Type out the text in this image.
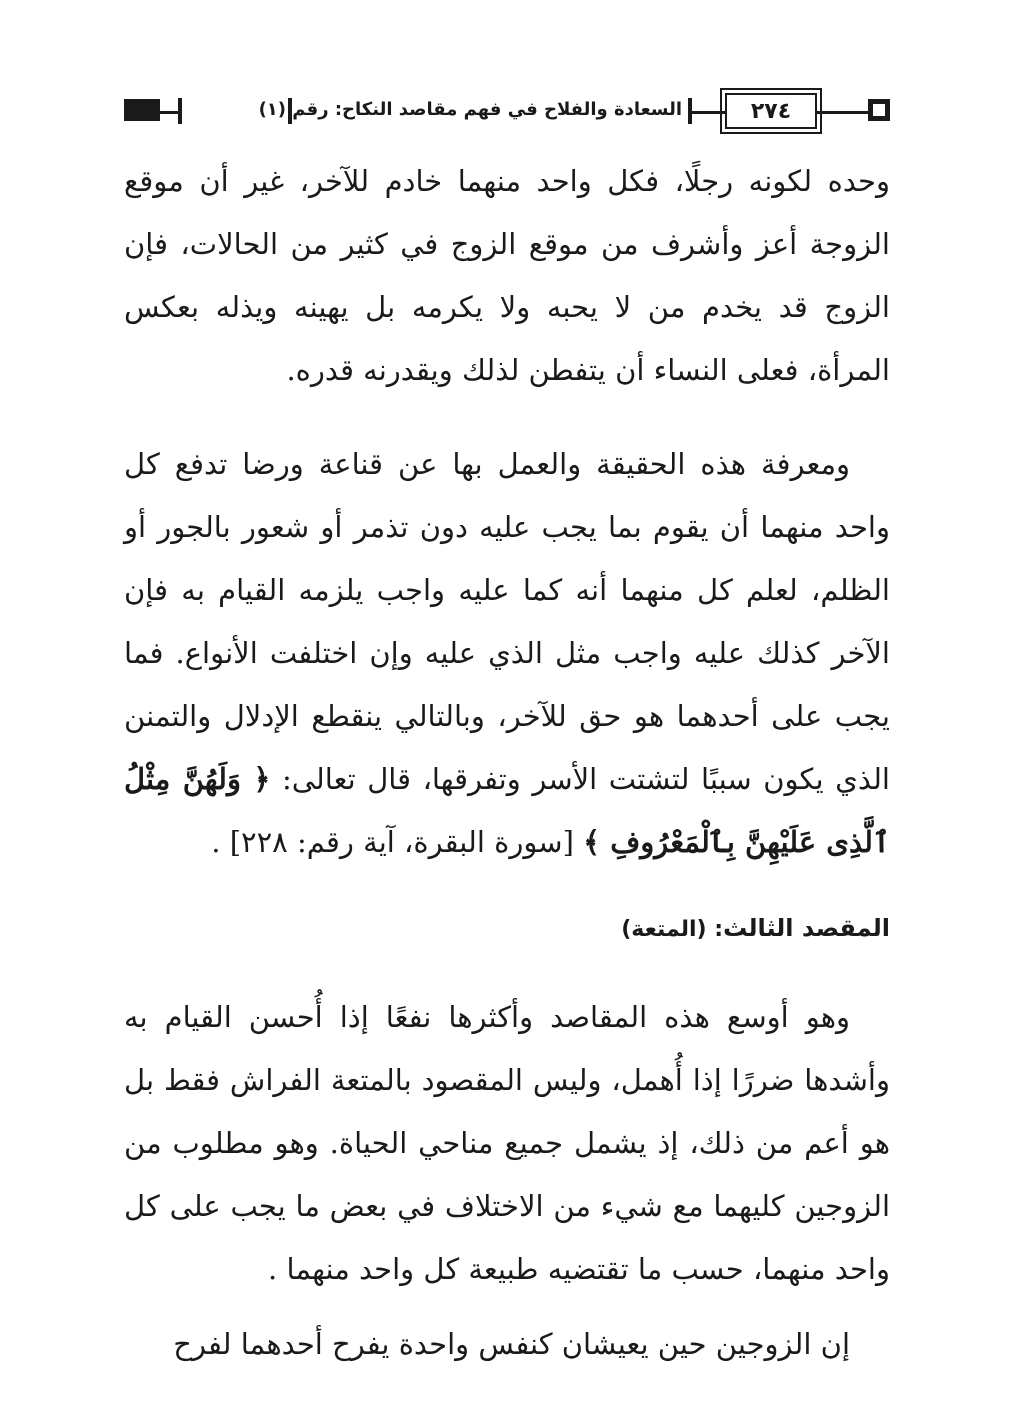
السعادة والفلاح في فهم مقاصد النكاح: رقم (١)	٢٧٤

وحده لكونه رجلًا، فكل واحد منهما خادم للآخر، غير أن موقع الزوجة أعز وأشرف من موقع الزوج في كثير من الحالات، فإن الزوج قد يخدم من لا يحبه ولا يكرمه بل يهينه ويذله بعكس المرأة، فعلى النساء أن يتفطن لذلك ويقدرنه قدره.

ومعرفة هذه الحقيقة والعمل بها عن قناعة ورضا تدفع كل واحد منهما أن يقوم بما يجب عليه دون تذمر أو شعور بالجور أو الظلم، لعلم كل منهما أنه كما عليه واجب يلزمه القيام به فإن الآخر كذلك عليه واجب مثل الذي عليه وإن اختلفت الأنواع. فما يجب على أحدهما هو حق للآخر، وبالتالي ينقطع الإدلال والتمنن الذي يكون سببًا لتشتت الأسر وتفرقها، قال تعالى: ﴿ وَلَهُنَّ مِثْلُ ٱلَّذِى عَلَيْهِنَّ بِٱلْمَعْرُوفِ ﴾ [سورة البقرة، آية رقم: ٢٢٨] .

المقصد الثالث: (المتعة)

وهو أوسع هذه المقاصد وأكثرها نفعًا إذا أُحسن القيام به وأشدها ضررًا إذا أُهمل، وليس المقصود بالمتعة الفراش فقط بل هو أعم من ذلك، إذ يشمل جميع مناحي الحياة. وهو مطلوب من الزوجين كليهما مع شيء من الاختلاف في بعض ما يجب على كل واحد منهما، حسب ما تقتضيه طبيعة كل واحد منهما .

إن الزوجين حين يعيشان كنفس واحدة يفرح أحدهما لفرح
